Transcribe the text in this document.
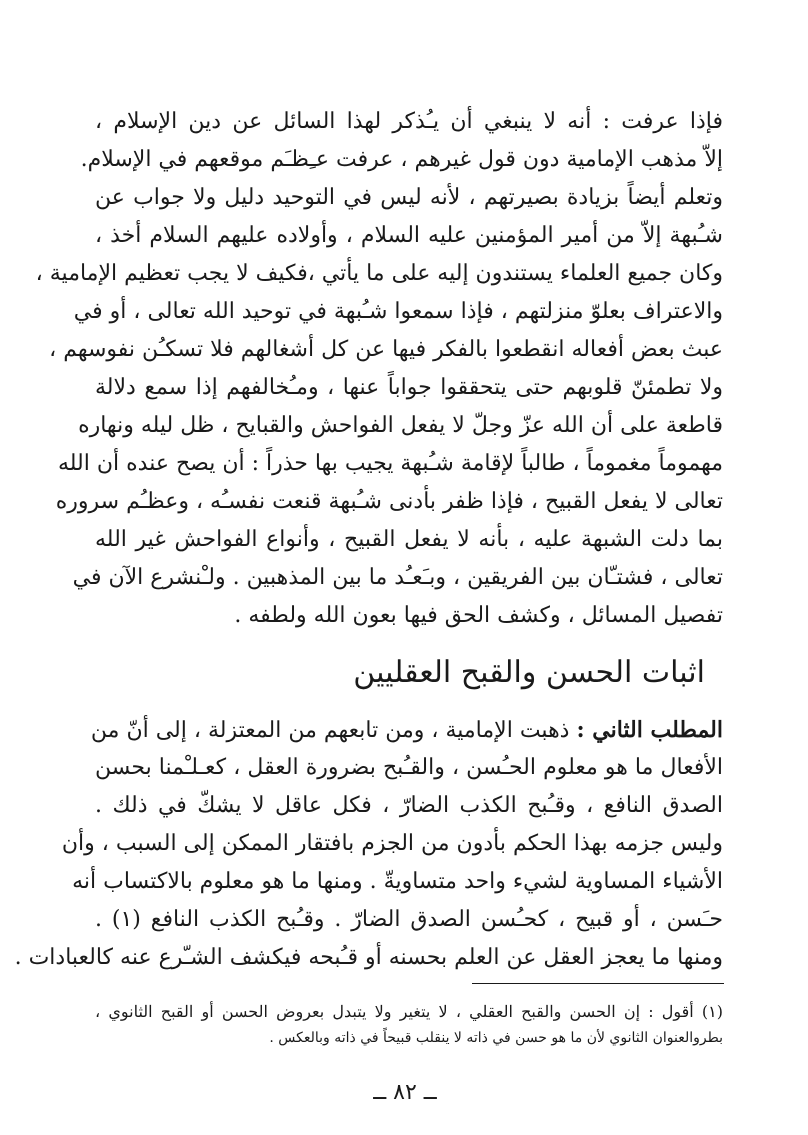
فإذا عرفت : أنه لا ينبغي أن يـُذكر لهذا السائل عن دين الإسلام ،
إلاّ مذهب الإمامية دون قول غيرهم ، عرفت عـِظـَم موقعهم في الإسلام.
وتعلم أيضاً بزيادة بصيرتهم ، لأنه ليس في التوحيد دليل ولا جواب عن
شـُبهة إلاّ من أمير المؤمنين عليه السلام ، وأولاده عليهم السلام أخذ ،
وكان جميع العلماء يستندون إليه على ما يأتي ،فكيف لا يجب تعظيم الإمامية ،
والاعتراف بعلوّ منزلتهم ، فإذا سمعوا شـُبهة في توحيد الله تعالى ، أو في
عبث بعض أفعاله انقطعوا بالفكر فيها عن كل أشغالهم فلا تسكـُن نفوسهم ،
ولا تطمئنّ قلوبهم حتى يتحققوا جواباً عنها ، ومـُخالفهم إذا سمع دلالة
قاطعة على أن الله عزّ وجلّ لا يفعل الفواحش والقبايح ، ظل ليله ونهاره
مهموماً مغموماً ، طالباً لإقامة شـُبهة يجيب بها حذراً : أن يصح عنده أن الله
تعالى لا يفعل القبيح ، فإذا ظفر بأدنى شـُبهة قنعت نفسـُه ، وعظـُم سروره
بما دلت الشبهة عليه ، بأنه لا يفعل القبيح ، وأنواع الفواحش غير الله
تعالى ، فشتـّان بين الفريقين ، وبـَعـُد ما بين المذهبين . ولـْنشرع الآن في
تفصيل المسائل ، وكشف الحق فيها بعون الله ولطفه .
اثبات الحسن والقبح العقليين
المطلب الثاني : ذهبت الإمامية ، ومن تابعهم من المعتزلة ، إلى أنّ من
الأفعال ما هو معلوم الحـُسن ، والقـُبح بضرورة العقل ، كعـلـْمنا بحسن
الصدق النافع ، وقـُبح الكذب الضارّ ، فكل عاقل لا يشكّ في ذلك .
وليس جزمه بهذا الحكم بأدون من الجزم بافتقار الممكن إلى السبب ، وأن
الأشياء المساوية لشيء واحد متساويةّ . ومنها ما هو معلوم بالاكتساب أنه
حـَسن ، أو قبيح ، كحـُسن الصدق الضارّ . وقـُبح الكذب النافع (١) .
ومنها ما يعجز العقل عن العلم بحسنه أو قـُبحه فيكشف الشـّرع عنه كالعبادات .
(١) أقول : إن الحسن والقبح العقلي ، لا يتغير ولا يتبدل بعروض الحسن أو القبح الثانوي ،
بطروالعنوان الثانوي لأن ما هو حسن في ذاته لا ينقلب قبيحاً في ذاته وبالعكس .
ــ ٨٢ ــ
